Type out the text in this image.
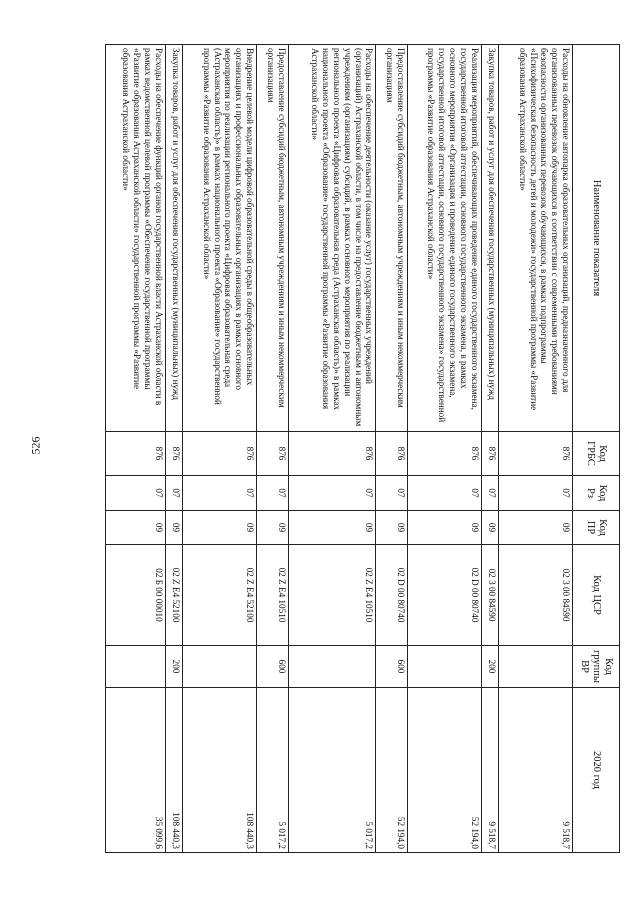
526
Наименование показателя	Код ГРБС	Код Рз	Код ПР	Код ЦСР	Код группы ВР	2020 год
Расходы на обновление автопарка образовательных организаций, предназначенного для организованных перевозок обучающихся в соответствии с современными требованиями безопасности организованных перевозок обучающихся, в рамках подпрограммы «Психофизическая безопасность детей и молодежи» государственной программы «Развитие образования Астраханской области»	876	07	09	02 3 00 84590		9 518,7
Закупка товаров, работ и услуг для обеспечения государственных (муниципальных) нужд	876	07	09	02 3 00 84590	200	9 518,7
Реализация мероприятий, обеспечивающих проведение единого государственного экзамена, государственной итоговой аттестации, основного государственного экзамена, в рамках основного мероприятия «Организация и проведение единого государственного экзамена, государственной итоговой аттестации, основного государственного экзамена» государственной программы «Развитие образования Астраханской области»	876	07	09	02 D 00 80740		52 194,0
Предоставление субсидий бюджетным, автономным учреждениям и иным некоммерческим организациям	876	07	09	02 D 00 80740	600	52 194,0
Расходы на обеспечение деятельности (оказание услуг) государственных учреждений (организаций) Астраханской области, в том числе на предоставление бюджетным и автономным учреждениям (организациям) субсидий, в рамках основного мероприятия по реализации регионального проекта «Цифровая образовательная среда (Астраханская область)» в рамках национального проекта «Образование» государственной программы «Развитие образования Астраханской области»	876	07	09	02 Z E4 10510		5 017,2
Предоставление субсидий бюджетным, автономным учреждениям и иным некоммерческим организациям	876	07	09	02 Z E4 10510	600	5 017,2
Внедрение целевой модели цифровой образовательной среды в общеобразовательных организациях и профессиональных образовательных организациях в рамках основного мероприятия по реализации регионального проекта «Цифровая образовательная среда (Астраханская область)» в рамках национального проекта «Образование» государственной программы «Развитие образования Астраханской области»	876	07	09	02 Z E4 52100		108 440,3
Закупка товаров, работ и услуг для обеспечения государственных (муниципальных) нужд	876	07	09	02 Z E4 52100	200	108 440,3
Расходы на обеспечение функций органов государственной власти Астраханской области в рамках ведомственной целевой программы «Обеспечение государственной программы «Развитие образования Астраханской области» государственной программы «Развитие образования Астраханской области»	876	07	09	02 Б 00 00010		35 099,6
